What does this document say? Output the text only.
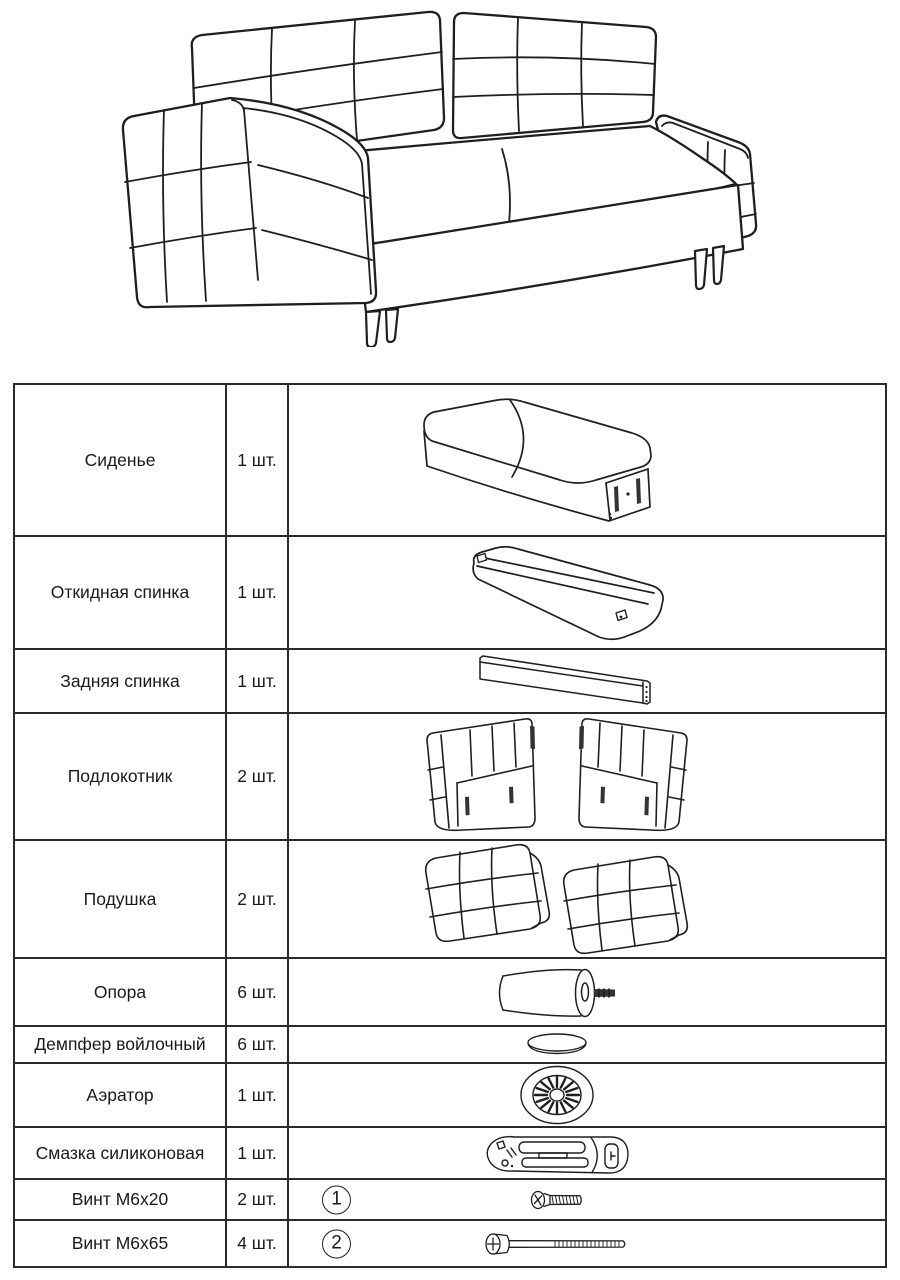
Сиденье	1 шт.
Откидная спинка	1 шт.
Задняя спинка	1 шт.
Подлокотник	2 шт.
Подушка	2 шт.
Опора	6 шт.
Демпфер войлочный	6 шт.
Аэратор	1 шт.
Смазка силиконовая	1 шт.
Винт М6х20	2 шт.	1
Винт М6х65	4 шт.	2
